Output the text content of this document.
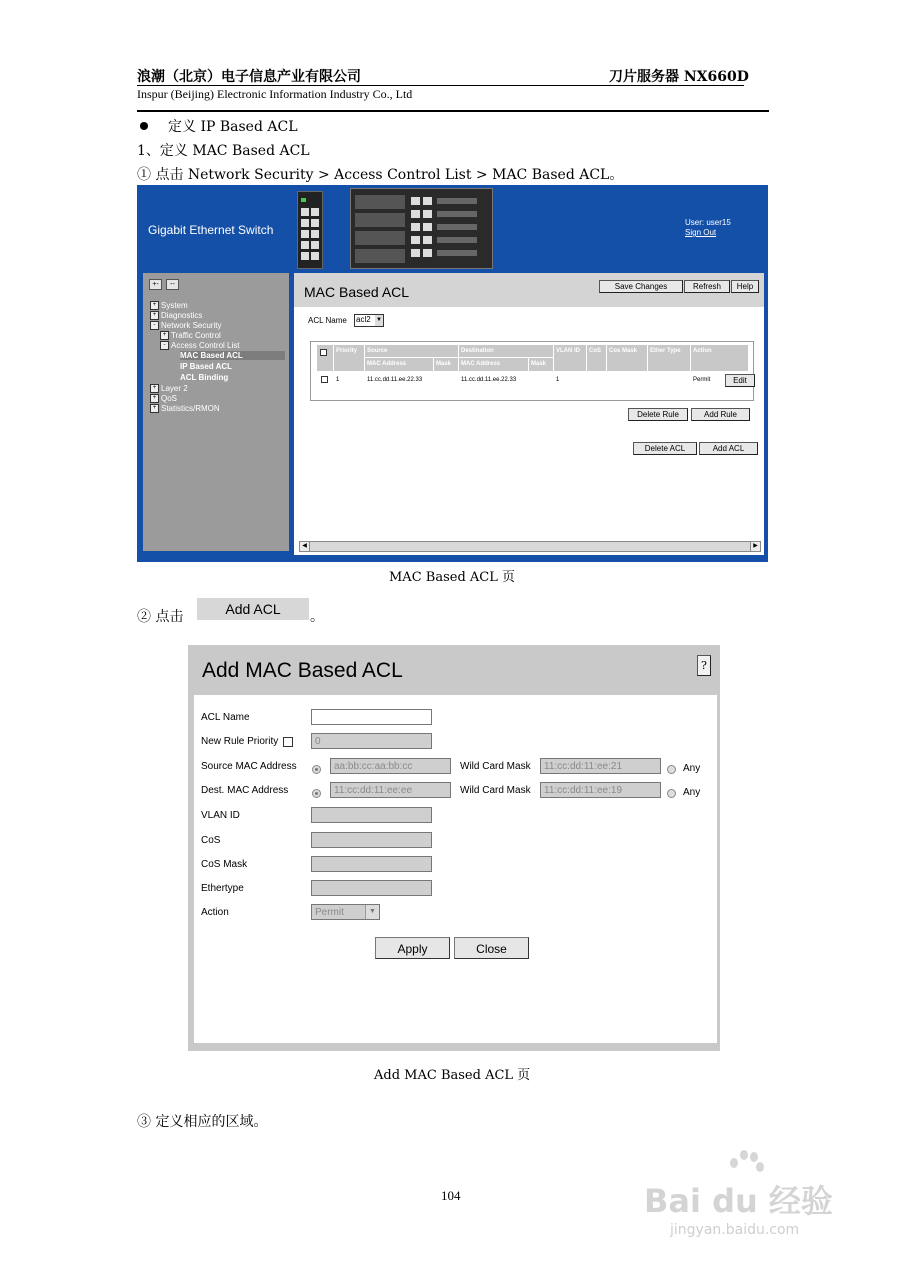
浪潮（北京）电子信息产业有限公司	刀片服务器 NX660D
Inspur (Beijing) Electronic Information Industry Co., Ltd
定义 IP Based ACL
1、定义 MAC Based ACL
① 点击 Network Security > Access Control List > MAC Based ACL。
Gigabit Ethernet Switch
User: user15
Sign Out
+-	--
+ System
+ Diagnostics
- Network Security
+ Traffic Control
- Access Control List
MAC Based ACL
IP Based ACL
ACL Binding
+ Layer 2
+ QoS
+ Statistics/RMON
MAC Based ACL	Save Changes	Refresh	Help
ACL Name acl2 ▼
Priority	Source	Destination
MAC Address	Mask	MAC Address	Mask
VLAN ID	CoS	Cos Mask	Ether Type	Action
1	11.cc.dd.11.ee.22.33	11.cc.dd.11.ee.22.33	1	Permit	Edit
Delete Rule	Add Rule
Delete ACL	Add ACL
◀	▶
MAC Based ACL 页
② 点击	Add ACL	。
Add MAC Based ACL	?
ACL Name
New Rule Priority	0
Source MAC Address	aa:bb:cc:aa:bb:cc	Wild Card Mask	11:cc:dd:11:ee:21	Any
Dest. MAC Address	11:cc:dd:11:ee:ee	Wild Card Mask	11:cc:dd:11:ee:19	Any
VLAN ID
CoS
CoS Mask
Ethertype
Action	Permit	▼
Apply	Close
Add MAC Based ACL 页
③ 定义相应的区域。
104	Bai du 经验
jingyan.baidu.com
